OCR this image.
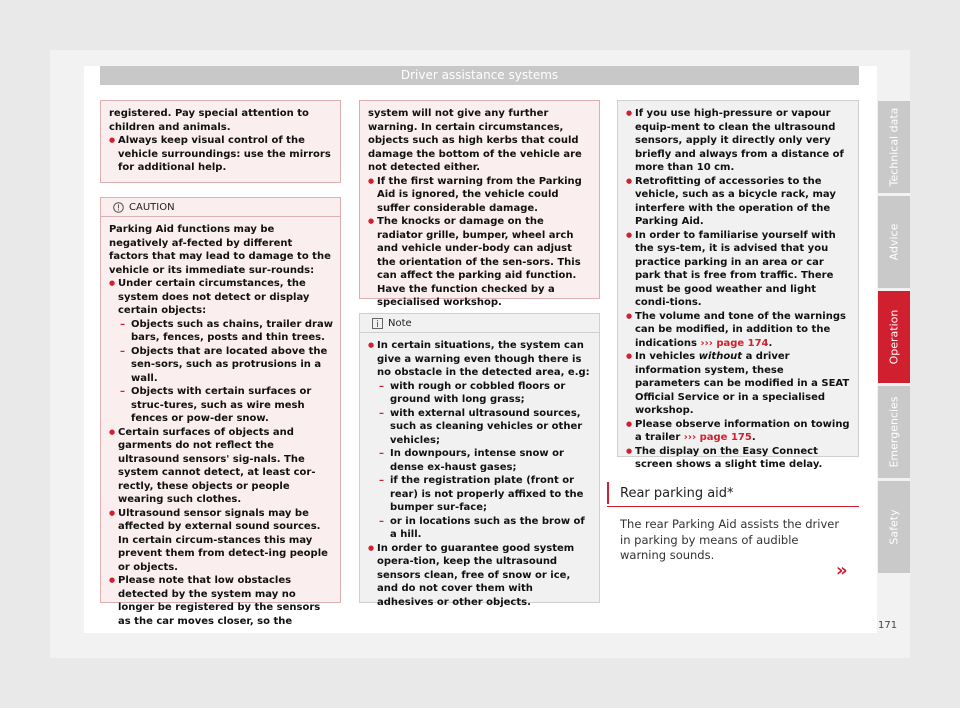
Driver assistance systems

registered. Pay special attention to children and animals.

● Always keep visual control of the vehicle surroundings: use the mirrors for additional help.

CAUTION

Parking Aid functions may be negatively af-fected by different factors that may lead to damage to the vehicle or its immediate sur-rounds:

● Under certain circumstances, the system does not detect or display certain objects:

– Objects such as chains, trailer draw bars, fences, posts and thin trees.

– Objects that are located above the sen-sors, such as protrusions in a wall.

– Objects with certain surfaces or struc-tures, such as wire mesh fences or pow-der snow.

● Certain surfaces of objects and garments do not reflect the ultrasound sensors' sig-nals. The system cannot detect, at least cor-rectly, these objects or people wearing such clothes.

● Ultrasound sensor signals may be affected by external sound sources. In certain circum-stances this may prevent them from detect-ing people or objects.

● Please note that low obstacles detected by the system may no longer be registered by the sensors as the car moves closer, so the

system will not give any further warning. In certain circumstances, objects such as high kerbs that could damage the bottom of the vehicle are not detected either.

● If the first warning from the Parking Aid is ignored, the vehicle could suffer considerable damage.

● The knocks or damage on the radiator grille, bumper, wheel arch and vehicle under-body can adjust the orientation of the sen-sors. This can affect the parking aid function. Have the function checked by a specialised workshop.

Note

● In certain situations, the system can give a warning even though there is no obstacle in the detected area, e.g:

– with rough or cobbled floors or ground with long grass;

– with external ultrasound sources, such as cleaning vehicles or other vehicles;

– In downpours, intense snow or dense ex-haust gases;

– if the registration plate (front or rear) is not properly affixed to the bumper sur-face;

– or in locations such as the brow of a hill.

● In order to guarantee good system opera-tion, keep the ultrasound sensors clean, free of snow or ice, and do not cover them with adhesives or other objects.

● If you use high-pressure or vapour equip-ment to clean the ultrasound sensors, apply it directly only very briefly and always from a distance of more than 10 cm.

● Retrofitting of accessories to the vehicle, such as a bicycle rack, may interfere with the operation of the Parking Aid.

● In order to familiarise yourself with the sys-tem, it is advised that you practice parking in an area or car park that is free from traffic. There must be good weather and light condi-tions.

● The volume and tone of the warnings can be modified, in addition to the indications ››› page 174.

● In vehicles without a driver information system, these parameters can be modified in a SEAT Official Service or in a specialised workshop.

● Please observe information on towing a trailer ››› page 175.

● The display on the Easy Connect screen shows a slight time delay.

Rear parking aid*
The rear Parking Aid assists the driver in parking by means of audible warning sounds.
»
Technical data
Advice
Operation
Emergencies
Safety
171
